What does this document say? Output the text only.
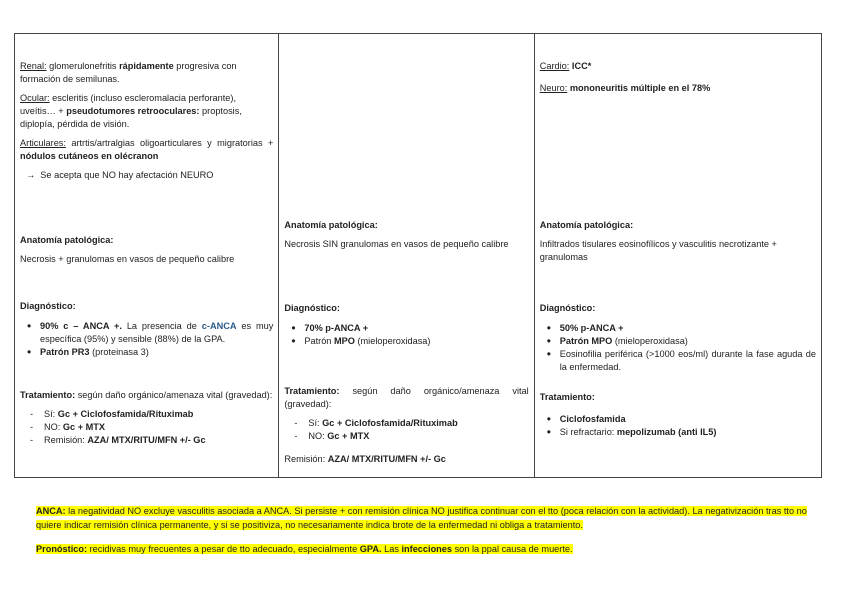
Renal: glomerulonefritis rápidamente progresiva con formación de semilunas.

Ocular: escleritis (incluso escleromalacia perforante), uveítis… + pseudotumores retrooculares: proptosis, diplopía, pérdida de visión.

Articulares: artrtis/artralgias oligoarticulares y migratorias + nódulos cutáneos en olécranon

→ Se acepta que NO hay afectación NEURO

Anatomía patológica:

Necrosis + granulomas en vasos de pequeño calibre

Diagnóstico:

• 90% c – ANCA +. La presencia de c-ANCA es muy específica (95%) y sensible (88%) de la GPA.
• Patrón PR3 (proteinasa 3)

Tratamiento: según daño orgánico/amenaza vital (gravedad):

- Sí: Gc + Ciclofosfamida/Rituximab
- NO: Gc + MTX
- Remisión: AZA/ MTX/RITU/MFN +/- Gc

Anatomía patológica:

Necrosis SIN granulomas en vasos de pequeño calibre

Diagnóstico:

• 70% p-ANCA +
• Patrón MPO (mieloperoxidasa)

Tratamiento: según daño orgánico/amenaza vital (gravedad):

- Sí: Gc + Ciclofosfamida/Rituximab
- NO: Gc + MTX

Remisión: AZA/ MTX/RITU/MFN +/- Gc

Cardio: ICC*

Neuro: mononeuritis múltiple en el 78%

Anatomía patológica:

Infiltrados tisulares eosinofílicos y vasculitis necrotizante + granulomas

Diagnóstico:

• 50% p-ANCA +
• Patrón MPO (mieloperoxidasa)
• Eosinofilia periférica (>1000 eos/ml) durante la fase aguda de la enfermedad.

Tratamiento:

• Ciclofosfamida
• Si refractario: mepolizumab (anti IL5)
ANCA: la negatividad NO excluye vasculitis asociada a ANCA. Si persiste + con remisión clínica NO justifica continuar con el tto (poca relación con la actividad). La negativización tras tto no quiere indicar remisión clínica permanente, y si se positiviza, no necesariamente indica brote de la enfermedad ni obliga a tratamiento.
Pronóstico: recidivas muy frecuentes a pesar de tto adecuado, especialmente GPA. Las infecciones son la ppal causa de muerte.
